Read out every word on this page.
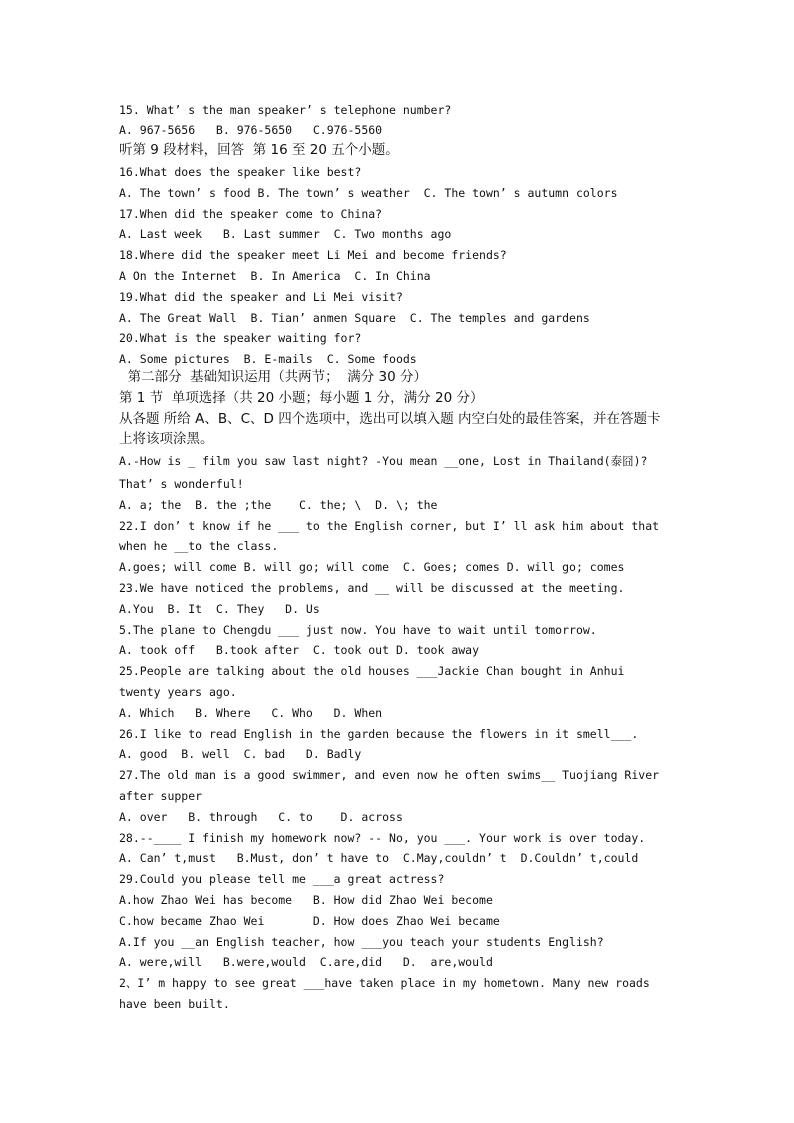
15. What’ s the man speaker’ s telephone number?
A. 967-5656   B. 976-5650   C.976-5560
听第 9 段材料，回答  第 16 至 20 五个小题。
16.What does the speaker like best?
A. The town’ s food B. The town’ s weather  C. The town’ s autumn colors
17.When did the speaker come to China?
A. Last week   B. Last summer  C. Two months ago
18.Where did the speaker meet Li Mei and become friends?
A On the Internet  B. In America  C. In China
19.What did the speaker and Li Mei visit?
A. The Great Wall  B. Tian’ anmen Square  C. The temples and gardens
20.What is the speaker waiting for?
A. Some pictures  B. E-mails  C. Some foods
第二部分  基础知识运用（共两节；  满分 30 分）
第 1 节  单项选择（共 20 小题；每小题 1 分，满分 20 分）
从各题 所给 A、B、C、D 四个选项中，选出可以填入题 内空白处的最佳答案，并在答题卡
上将该项涂黑。
A.-How is _ film you saw last night? -You mean __one, Lost in Thailand(泰囧)?
That’ s wonderful!
A. a; the  B. the ;the    C. the; \  D. \; the
22.I don’ t know if he ___ to the English corner, but I’ ll ask him about that
when he __to the class.
A.goes; will come B. will go; will come  C. Goes; comes D. will go; comes
23.We have noticed the problems, and __ will be discussed at the meeting.
A.You  B. It  C. They   D. Us
5.The plane to Chengdu ___ just now. You have to wait until tomorrow.
A. took off   B.took after  C. took out D. took away
25.People are talking about the old houses ___Jackie Chan bought in Anhui
twenty years ago.
A. Which   B. Where   C. Who   D. When
26.I like to read English in the garden because the flowers in it smell___.
A. good  B. well  C. bad   D. Badly
27.The old man is a good swimmer, and even now he often swims__ Tuojiang River
after supper
A. over   B. through   C. to    D. across
28.--____ I finish my homework now? -- No, you ___. Your work is over today.
A. Can’ t,must   B.Must, don’ t have to  C.May,couldn’ t  D.Couldn’ t,could
29.Could you please tell me ___a great actress?
A.how Zhao Wei has become   B. How did Zhao Wei become
C.how became Zhao Wei       D. How does Zhao Wei became
A.If you __an English teacher, how ___you teach your students English?
A. were,will   B.were,would  C.are,did   D.  are,would
2、I’ m happy to see great ___have taken place in my hometown. Many new roads
have been built.
